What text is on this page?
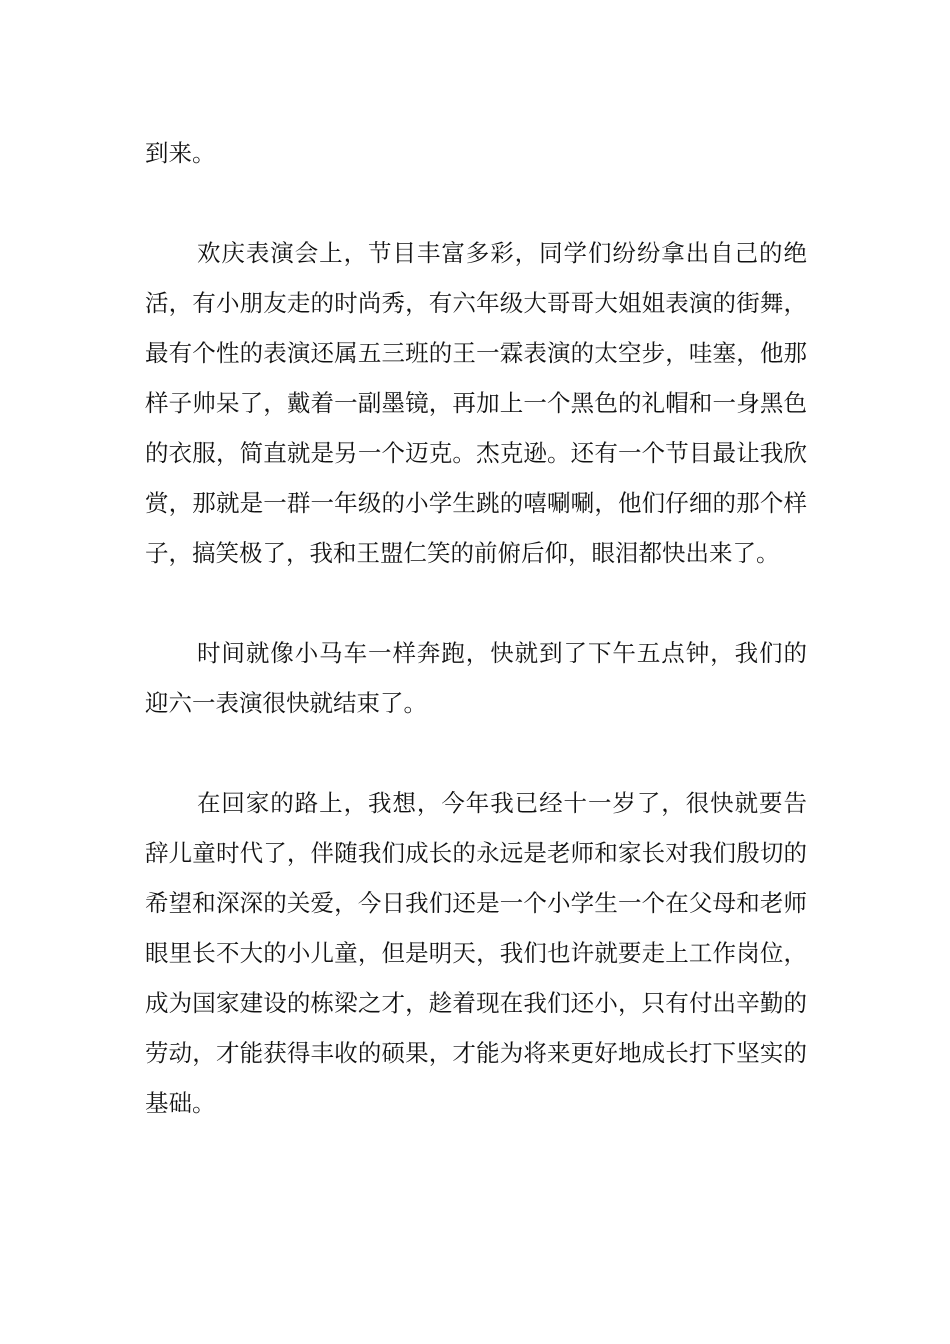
到来。

欢庆表演会上，节目丰富多彩，同学们纷纷拿出自己的绝活，有小朋友走的时尚秀，有六年级大哥哥大姐姐表演的街舞，最有个性的表演还属五三班的王一霖表演的太空步，哇塞，他那样子帅呆了，戴着一副墨镜，再加上一个黑色的礼帽和一身黑色的衣服，简直就是另一个迈克。杰克逊。还有一个节目最让我欣赏，那就是一群一年级的小学生跳的嘻唰唰，他们仔细的那个样子，搞笑极了，我和王盟仁笑的前俯后仰，眼泪都快出来了。

时间就像小马车一样奔跑，快就到了下午五点钟，我们的迎六一表演很快就结束了。

在回家的路上，我想，今年我已经十一岁了，很快就要告辞儿童时代了，伴随我们成长的永远是老师和家长对我们殷切的希望和深深的关爱，今日我们还是一个小学生一个在父母和老师眼里长不大的小儿童，但是明天，我们也许就要走上工作岗位，成为国家建设的栋梁之才，趁着现在我们还小，只有付出辛勤的劳动，才能获得丰收的硕果，才能为将来更好地成长打下坚实的基础。
